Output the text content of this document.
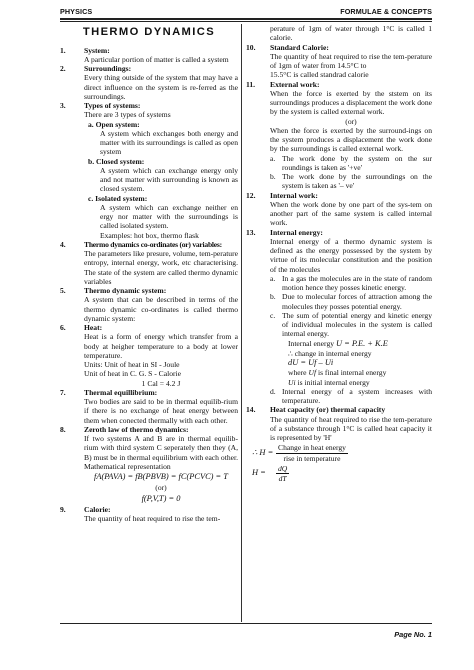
PHYSICS	FORMULAE & CONCEPTS
THERMO DYNAMICS
1.	System:
A particular portion of matter is called a system
2.	Surroundings:
Every thing outside of the system that may have a direct influence on the system is re-ferred as the surroundings.
3.	Types of systems:
There are 3 types of systems
a. Open system:
A system which exchanges both energy and matter with its surroundings is called as open system
b. Closed system:
A system which can exchange energy only and not matter with surrounding is known as closed system.
c. Isolated system:
A system which can exchange neither en ergy nor matter with the surroundings is called isolated system.
Examples: hot box, thermo flask
4.	Thermo dynamics co-ordinates (or) variables:
The parameters like presure, volume, tem-perature entropy, internal energy, work, etc characterising. The state of the system are called thermo dynamic variables
5.	Thermo dynamic system:
A system that can be described in terms of the thermo dynamic co-ordinates is called thermo dynamic system:
6.	Heat:
Heat is a form of energy which transfer from a body at heigher temperature to a body at lower temperature.
Units: Unit of heat in SI - Joule
Unit of heat in C. G. S - Calorie
1 Cal = 4.2 J
7.	Thermal equillibrium:
Two bodies are said to be in thermal equilib-rium if there is no exchange of heat energy between them when conected thermally with each other.
8.	Zeroth law of thermo dynamics:
If two systems A and B are in thermal equilib-rium with third system C seperately then they (A, B) must be in thermal equilibrium with each other. Mathematical representation
fA(PAVA) = fB(PBVB) = fC(PCVC) = T
(or)
f(P,V,T) = 0
9.	Calorie:
The quantity of heat required to rise the tem-
perature of 1gm of water through 1°C is called 1 calorie.
10.	Standard Calorie:
The quantity of heat required to rise the tem-perature of 1gm of water from 14.5°C to
15.5°C is called standrad calorie
11.	External work:
When the force is exerted by the ststem on its surroundings produces a displacement the work done by the system is called external work.
(or)
When the force is exerted by the surround-ings on the system produces a displacement the work done by the surroundings is called external work.
a. The work done by the system on the sur roundings is taken as '+ve'
b. The work done by the surroundings on the system is taken as '– ve'
12.	Internal work:
When the work done by one part of the sys-tem on another part of the same system is called internal work.
13.	Internal energy:
Internal energy of a thermo dynamic system is defined as the energy possessed by the system by virtue of its molecular constitution and the position of the molecules
a. In a gas the molecules are in the state of random motion hence they posses kinetic energy.
b. Due to molecular forces of attraction among the molecules they posses potential energy.
c. The sum of potential energy and kinetic energy of individual molecules in the system is called internal energy.
Internal energy U = P.E. + K.E
∴ change in internal energy
dU = Uf – Ui
where Uf is final internal energy
Ui is initial internal energy
d. Internal energy of a system increases with temperature.
14.	Heat capacity (or) thermal capacity
The quantity of heat required to rise the tem-perature of a substance through 1°C is called heat capacity it is represented by 'H'
∴ $H = \frac{\text{Change in heat energy}}{\text{rise in temperature}}$
H =	$\frac{dQ}{dT}$
Page No. 1
